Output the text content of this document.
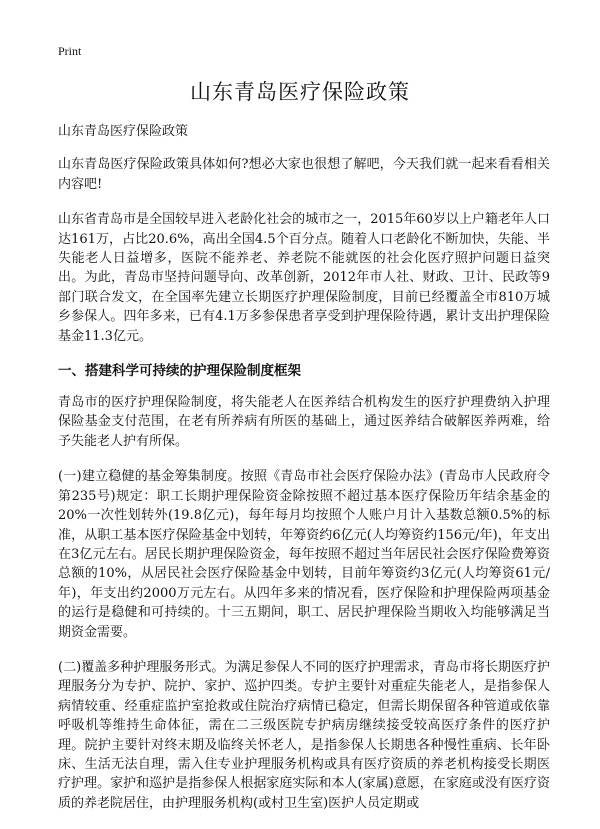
Print
山东青岛医疗保险政策

山东青岛医疗保险政策

山东青岛医疗保险政策具体如何?想必大家也很想了解吧，今天我们就一起来看看相关内容吧!

山东省青岛市是全国较早进入老龄化社会的城市之一，2015年60岁以上户籍老年人口达161万，占比20.6%，高出全国4.5个百分点。随着人口老龄化不断加快，失能、半失能老人日益增多，医院不能养老、养老院不能就医的社会化医疗照护问题日益突出。为此，青岛市坚持问题导向、改革创新，2012年市人社、财政、卫计、民政等9部门联合发文，在全国率先建立长期医疗护理保险制度，目前已经覆盖全市810万城乡参保人。四年多来，已有4.1万多参保患者享受到护理保险待遇，累计支出护理保险基金11.3亿元。

一、搭建科学可持续的护理保险制度框架

青岛市的医疗护理保险制度，将失能老人在医养结合机构发生的医疗护理费纳入护理保险基金支付范围，在老有所养病有所医的基础上，通过医养结合破解医养两难，给予失能老人护有所保。

(一)建立稳健的基金筹集制度。按照《青岛市社会医疗保险办法》(青岛市人民政府令第235号)规定：职工长期护理保险资金除按照不超过基本医疗保险历年结余基金的20%一次性划转外(19.8亿元)，每年每月均按照个人账户月计入基数总额0.5%的标准，从职工基本医疗保险基金中划转，年筹资约6亿元(人均筹资约156元/年)，年支出在3亿元左右。居民长期护理保险资金，每年按照不超过当年居民社会医疗保险费筹资总额的10%，从居民社会医疗保险基金中划转，目前年筹资约3亿元(人均筹资61元/年)，年支出约2000万元左右。从四年多来的情况看，医疗保险和护理保险两项基金的运行是稳健和可持续的。十三五期间，职工、居民护理保险当期收入均能够满足当期资金需要。

(二)覆盖多种护理服务形式。为满足参保人不同的医疗护理需求，青岛市将长期医疗护理服务分为专护、院护、家护、巡护四类。专护主要针对重症失能老人，是指参保人病情较重、经重症监护室抢救或住院治疗病情已稳定，但需长期保留各种管道或依靠呼吸机等维持生命体征，需在二三级医院专护病房继续接受较高医疗条件的医疗护理。院护主要针对终末期及临终关怀老人，是指参保人长期患各种慢性重病、长年卧床、生活无法自理，需入住专业护理服务机构或具有医疗资质的养老机构接受长期医疗护理。家护和巡护是指参保人根据家庭实际和本人(家属)意愿，在家庭或没有医疗资质的养老院居住，由护理服务机构(或村卫生室)医护人员定期或
